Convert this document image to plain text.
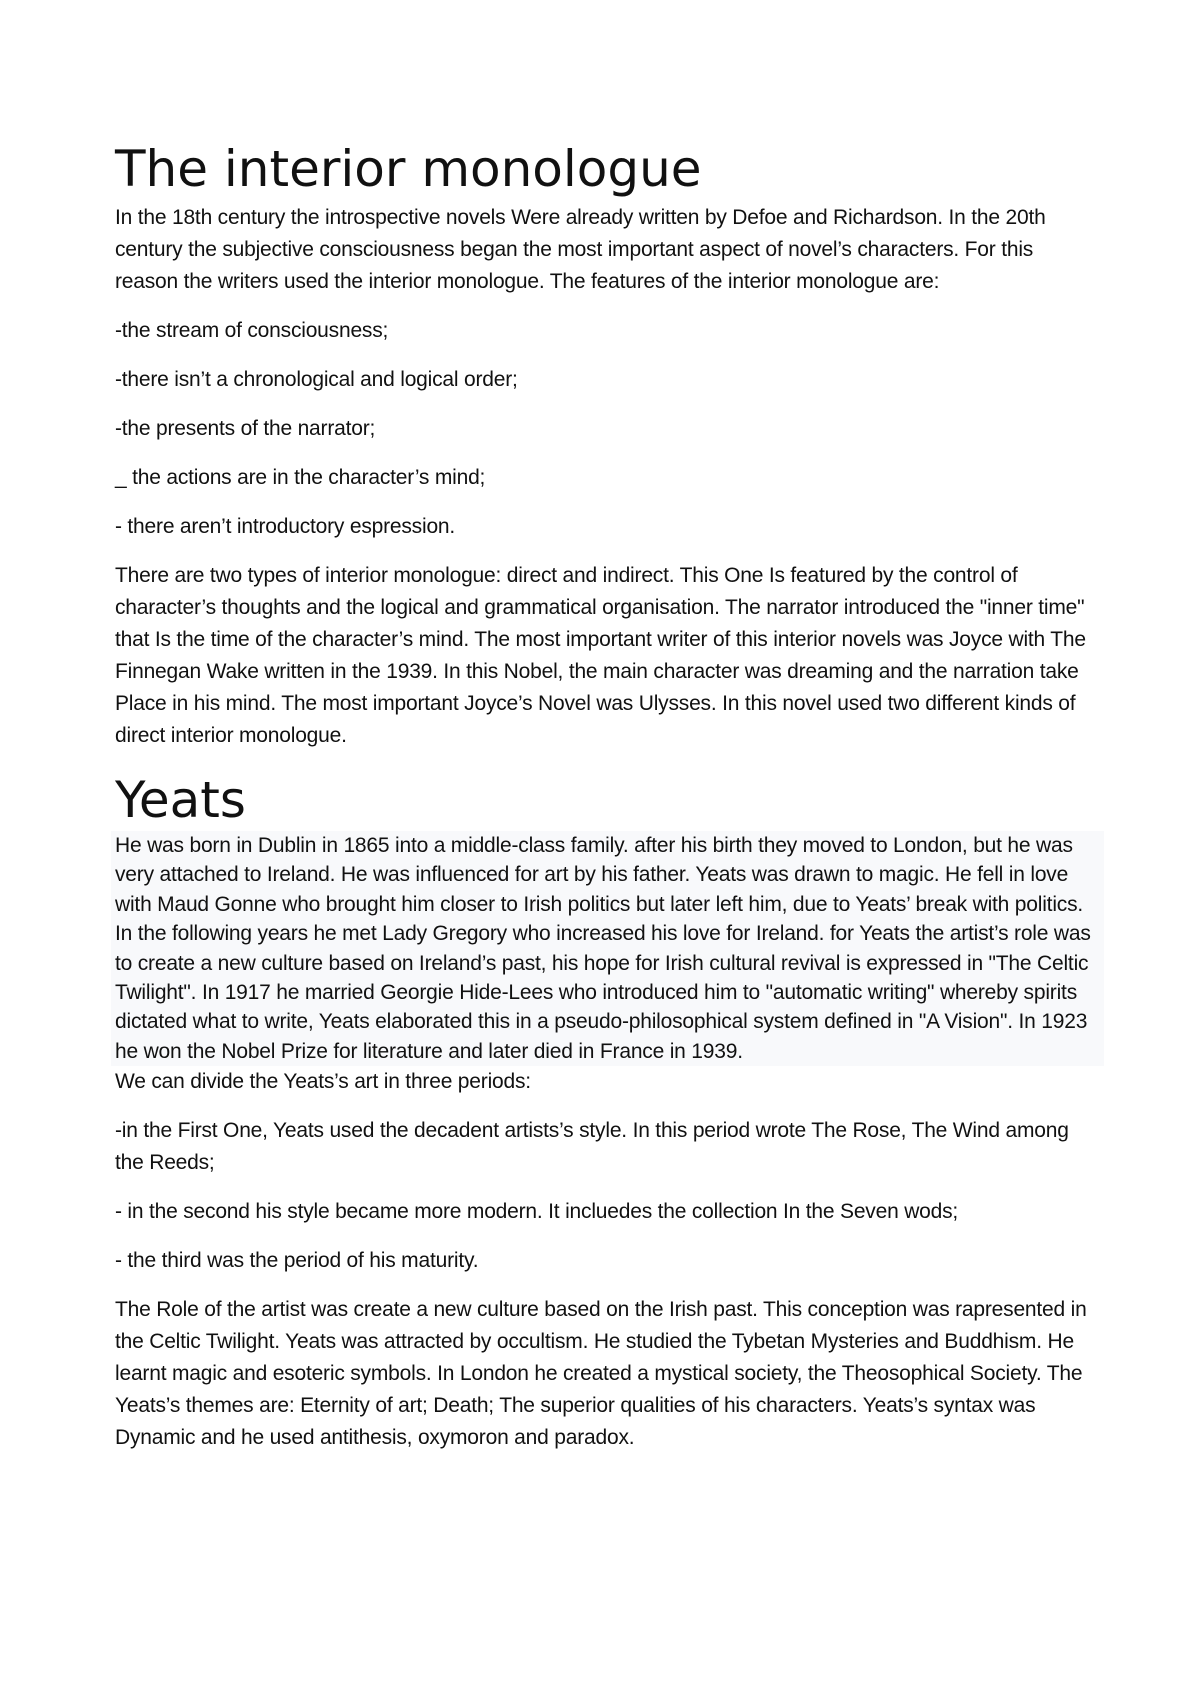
The interior monologue

In the 18th century the introspective novels Were already written by Defoe and Richardson. In the 20th century the subjective consciousness began the most important aspect of novel’s characters. For this reason the writers used the interior monologue. The features of the interior monologue are:

-the stream of consciousness;

-there isn’t a chronological and logical order;

-the presents of the narrator;

_ the actions are in the character’s mind;

- there aren’t introductory espression.

There are two types of interior monologue: direct and indirect. This One Is featured by the control of character’s thoughts and the logical and grammatical organisation. The narrator introduced the "inner time" that Is the time of the character’s mind. The most important writer of this interior novels was Joyce with The Finnegan Wake written in the 1939. In this Nobel, the main character was dreaming and the narration take Place in his mind. The most important Joyce’s Novel was Ulysses. In this novel used two different kinds of direct interior monologue.

Yeats

He was born in Dublin in 1865 into a middle-class family. after his birth they moved to London, but he was very attached to Ireland. He was influenced for art by his father. Yeats was drawn to magic. He fell in love with Maud Gonne who brought him closer to Irish politics but later left him, due to Yeats’ break with politics. In the following years he met Lady Gregory who increased his love for Ireland. for Yeats the artist’s role was to create a new culture based on Ireland’s past, his hope for Irish cultural revival is expressed in "The Celtic Twilight". In 1917 he married Georgie Hide-Lees who introduced him to "automatic writing" whereby spirits dictated what to write, Yeats elaborated this in a pseudo-philosophical system defined in "A Vision". In 1923 he won the Nobel Prize for literature and later died in France in 1939.

We can divide the Yeats’s art in three periods:

-in the First One, Yeats used the decadent artists’s style. In this period wrote The Rose, The Wind among the Reeds;

- in the second his style became more modern. It incluedes the collection In the Seven wods;

- the third was the period of his maturity.

The Role of the artist was create a new culture based on the Irish past. This conception was rapresented in the Celtic Twilight. Yeats was attracted by occultism. He studied the Tybetan Mysteries and Buddhism. He learnt magic and esoteric symbols. In London he created a mystical society, the Theosophical Society. The Yeats’s themes are: Eternity of art; Death; The superior qualities of his characters. Yeats’s syntax was Dynamic and he used antithesis, oxymoron and paradox.
